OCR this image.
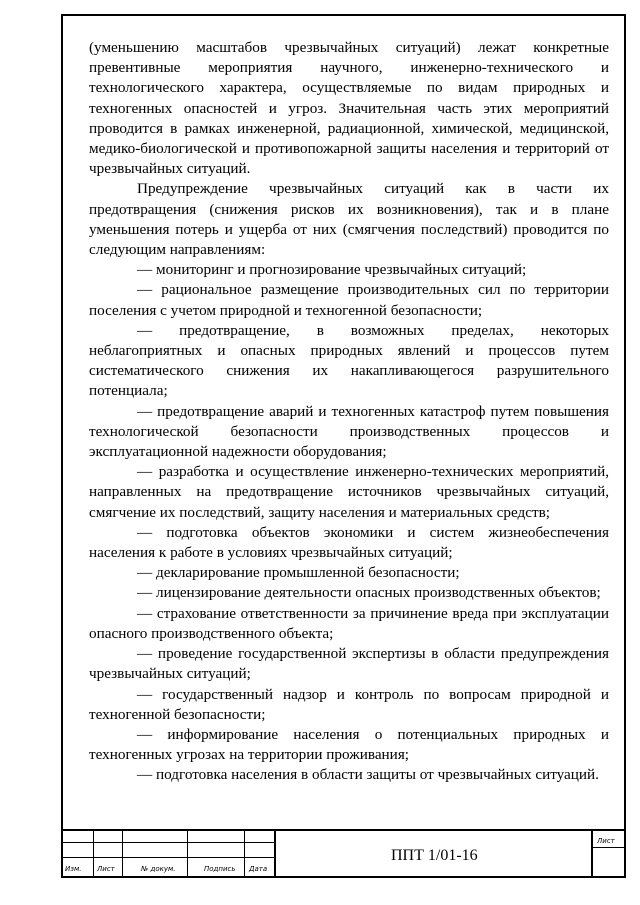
(уменьшению масштабов чрезвычайных ситуаций) лежат конкретные превентивные мероприятия научного, инженерно-технического и технологического характера, осуществляемые по видам природных и техногенных опасностей и угроз. Значительная часть этих мероприятий проводится в рамках инженерной, радиационной, химической, медицинской, медико-биологической и противопожарной защиты населения и территорий от чрезвычайных ситуаций.

Предупреждение чрезвычайных ситуаций как в части их предотвращения (снижения рисков их возникновения), так и в плане уменьшения потерь и ущерба от них (смягчения последствий) проводится по следующим направлениям:

— мониторинг и прогнозирование чрезвычайных ситуаций;

— рациональное размещение производительных сил по территории поселения с учетом природной и техногенной безопасности;

— предотвращение, в возможных пределах, некоторых неблагоприятных и опасных природных явлений и процессов путем систематического снижения их накапливающегося разрушительного потенциала;

— предотвращение аварий и техногенных катастроф путем повышения технологической безопасности производственных процессов и эксплуатационной надежности оборудования;

— разработка и осуществление инженерно-технических мероприятий, направленных на предотвращение источников чрезвычайных ситуаций, смягчение их последствий, защиту населения и материальных средств;

— подготовка объектов экономики и систем жизнеобеспечения населения к работе в условиях чрезвычайных ситуаций;

— декларирование промышленной безопасности;

— лицензирование деятельности опасных производственных объектов;

— страхование ответственности за причинение вреда при эксплуатации опасного производственного объекта;

— проведение государственной экспертизы в области предупреждения чрезвычайных ситуаций;

— государственный надзор и контроль по вопросам природной и техногенной безопасности;

— информирование населения о потенциальных природных и техногенных угрозах на территории проживания;

— подготовка населения в области защиты от чрезвычайных ситуаций.

Изм. Лист	№ докум.	Подпись Дата
Лист
ППТ 1/01-16
